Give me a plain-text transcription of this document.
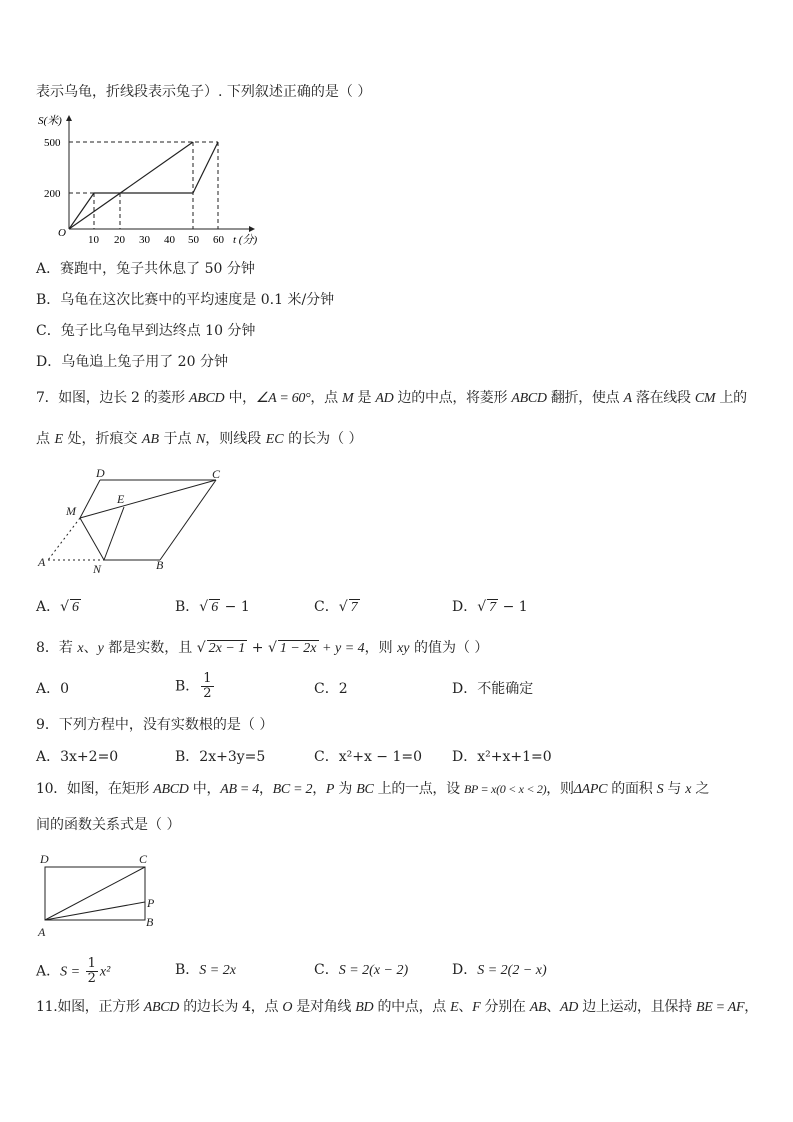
表示乌龟，折线段表示兔子）. 下列叙述正确的是（ ）
S(米)
500
200
O
10 20 30 40 50 60 t (分)
A．赛跑中，兔子共休息了 50 分钟
B．乌龟在这次比赛中的平均速度是 0.1 米/分钟
C．兔子比乌龟早到达终点 10 分钟
D．乌龟追上兔子用了 20 分钟
7．如图，边长 2 的菱形 ABCD 中，∠A = 60°，点 M 是 AD 边的中点，将菱形 ABCD 翻折，使点 A 落在线段 CM 上的
点 E 处，折痕交 AB 于点 N，则线段 EC 的长为（ ）
D	C
E
M
A	N	B
A．√ 6	B．√ 6 − 1	C．√ 7	D．√ 7 − 1
8．若 x、y 都是实数，且 √ 2x − 1 + √ 1 − 2x + y = 4，则 xy 的值为（ ）
A．0	B． $\frac{1}{2}$	C．2	D．不能确定
9．下列方程中，没有实数根的是（ ）
A．3x+2=0	B．2x+3y=5	C．x²+x − 1=0 D．x²+x+1=0
10．如图，在矩形 ABCD 中，AB = 4，BC = 2，P 为 BC 上的一点，设 BP = x(0 < x < 2)，则ΔAPC 的面积 S 与 x 之
间的函数关系式是（ ）
D	C
P
A
B
A．$S = \frac{1}{2} x^2$	B．S = 2x	C．S = 2(x − 2)	D．S = 2(2 − x)
11.如图，正方形 ABCD 的边长为 4，点 O 是对角线 BD 的中点，点 E、F 分别在 AB、AD 边上运动，且保持 BE = AF，
